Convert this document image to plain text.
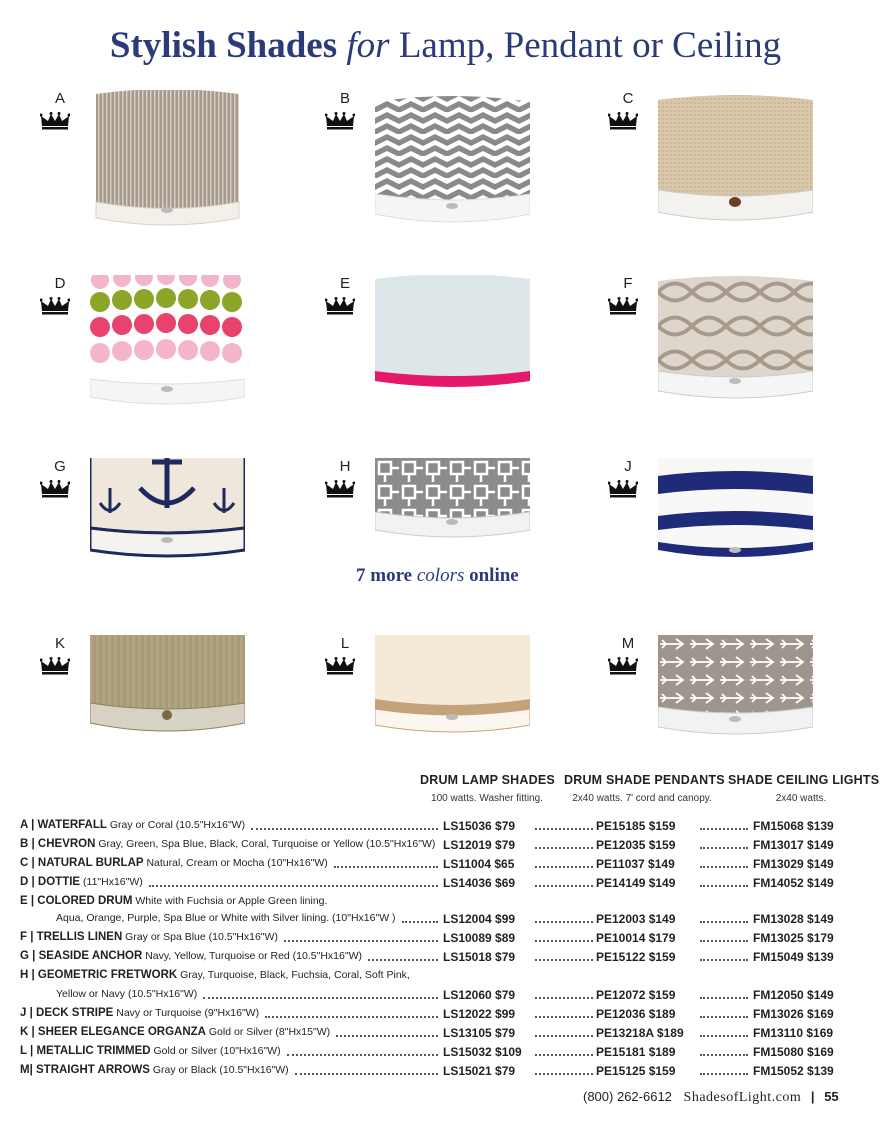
Stylish Shades for Lamp, Pendant or Ceiling
A	B	C
D	E	F
G	H	J
7 more colors online
K	L	M
DRUM LAMP SHADES
100 watts. Washer fitting.
DRUM SHADE PENDANTS
2x40 watts. 7' cord and canopy.
SHADE CEILING LIGHTS
2x40 watts.
A | WATERFALL Gray or Coral (10.5"Hx16"W)	LS15036 $79	PE15185 $159	FM15068 $139
B | CHEVRON Gray, Green, Spa Blue, Black, Coral, Turquoise or Yellow (10.5"Hx16"W) LS12019 $79	PE12035 $159	FM13017 $149
C | NATURAL BURLAP Natural, Cream or Mocha (10"Hx16"W)	LS11004 $65	PE11037 $149	FM13029 $149
D | DOTTIE (11"Hx16"W)	LS14036 $69	PE14149 $149	FM14052 $149
E | COLORED DRUM White with Fuchsia or Apple Green lining.
Aqua, Orange, Purple, Spa Blue or White with Silver lining. (10"Hx16"W )	LS12004 $99	PE12003 $149	FM13028 $149
F | TRELLIS LINEN Gray or Spa Blue (10.5"Hx16"W)	LS10089 $89	PE10014 $179	FM13025 $179
G | SEASIDE ANCHOR Navy, Yellow, Turquoise or Red (10.5"Hx16"W)	LS15018 $79	PE15122 $159	FM15049 $139
H | GEOMETRIC FRETWORK Gray, Turquoise, Black, Fuchsia, Coral, Soft Pink,
Yellow or Navy (10.5"Hx16"W)	LS12060 $79	PE12072 $159	FM12050 $149
J | DECK STRIPE Navy or Turquoise (9"Hx16"W)	LS12022 $99	PE12036 $189	FM13026 $169
K | SHEER ELEGANCE ORGANZA Gold or Silver (8"Hx15"W)	LS13105 $79	PE13218A $189	FM13110 $169
L | METALLIC TRIMMED Gold or Silver (10"Hx16"W)	LS15032 $109	PE15181 $189	FM15080 $169
M| STRAIGHT ARROWS Gray or Black (10.5"Hx16"W)	LS15021 $79	PE15125 $159	FM15052 $139
(800) 262-6612 ShadesofLight.com | 55
